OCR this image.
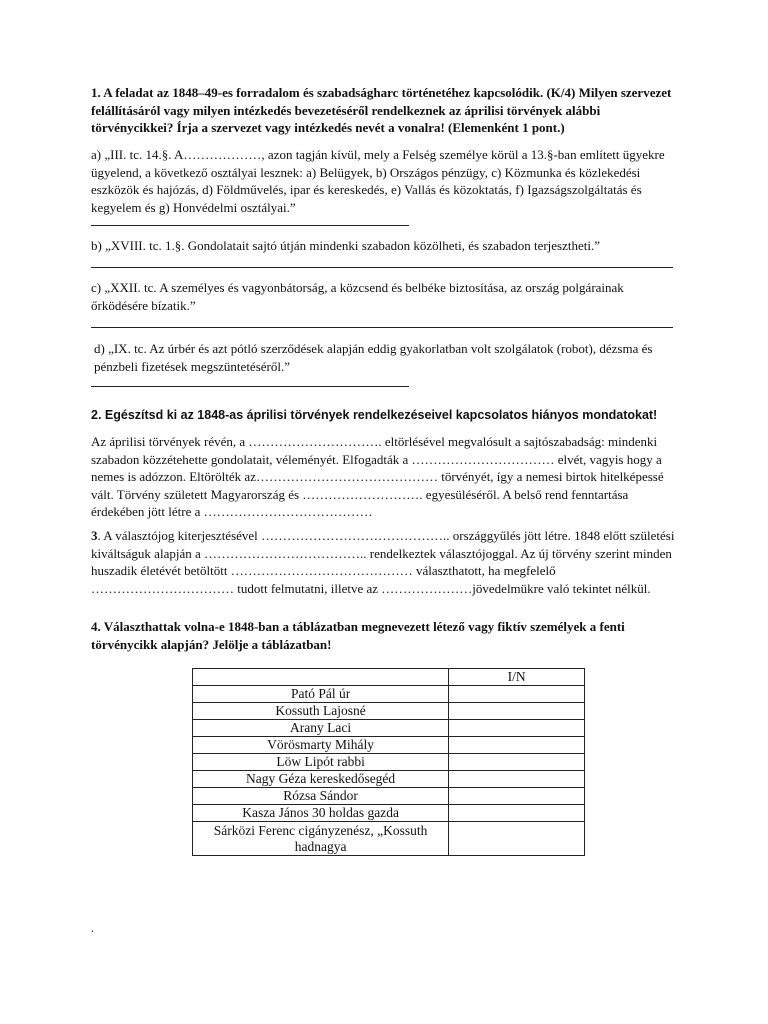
1. A feladat az 1848–49-es forradalom és szabadságharc történetéhez kapcsolódik. (K/4) Milyen szervezet felállításáról vagy milyen intézkedés bevezetéséről rendelkeznek az áprilisi törvények alábbi törvénycikkei? Írja a szervezet vagy intézkedés nevét a vonalra! (Elemenként 1 pont.)
a) „III. tc. 14.§. A………………, azon tagján kívül, mely a Felség személye körül a 13.§-ban említett ügyekre ügyelend, a következő osztályai lesznek: a) Belügyek, b) Országos pénzügy, c) Közmunka és közlekedési eszközök és hajózás, d) Földművelés, ipar és kereskedés, e) Vallás és közoktatás, f) Igazságszolgáltatás és kegyelem és g) Honvédelmi osztályai.”
b) „XVIII. tc. 1.§. Gondolatait sajtó útján mindenki szabadon közölheti, és szabadon terjesztheti.”
c) „XXII. tc. A személyes és vagyonbátorság, a közcsend és belbéke biztosítása, az ország polgárainak őrködésére bízatik.”
d) „IX. tc. Az úrbér és azt pótló szerződések alapján eddig gyakorlatban volt szolgálatok (robot), dézsma és pénzbeli fizetések megszüntetéséről.”
2. Egészítsd ki az 1848-as áprilisi törvények rendelkezéseivel kapcsolatos hiányos mondatokat!
Az áprilisi törvények révén, a …………………………. eltörlésével megvalósult a sajtószabadság: mindenki szabadon közzétehette gondolatait, véleményét. Elfogadták a …………………………… elvét, vagyis hogy a nemes is adózzon. Eltörölték az…………………………………… törvényét, így a nemesi birtok hitelképessé vált. Törvény született Magyarország és ………………………. egyesüléséről. A belső rend fenntartása érdekében jött létre a …………………………………
3. A választójog kiterjesztésével …………………………………….. országgyűlés jött létre. 1848 előtt születési kiváltságuk alapján a ……………………………….. rendelkeztek választójoggal. Az új törvény szerint minden huszadik életévét betöltött …………………………………… választhatott, ha megfelelő …………………………… tudott felmutatni, illetve az …………………jövedelmükre való tekintet nélkül.
4. Választhattak volna-e 1848-ban a táblázatban megnevezett létező vagy fiktív személyek a fenti törvénycikk alapján? Jelölje a táblázatban!
	I/N
Pató Pál úr	
Kossuth Lajosné	
Arany Laci	
Vörösmarty Mihály	
Löw Lipót rabbi	
Nagy Géza kereskedősegéd	
Rózsa Sándor	
Kasza János 30 holdas gazda	
Sárközi Ferenc cigányzenész, „Kossuth hadnagya	
.
